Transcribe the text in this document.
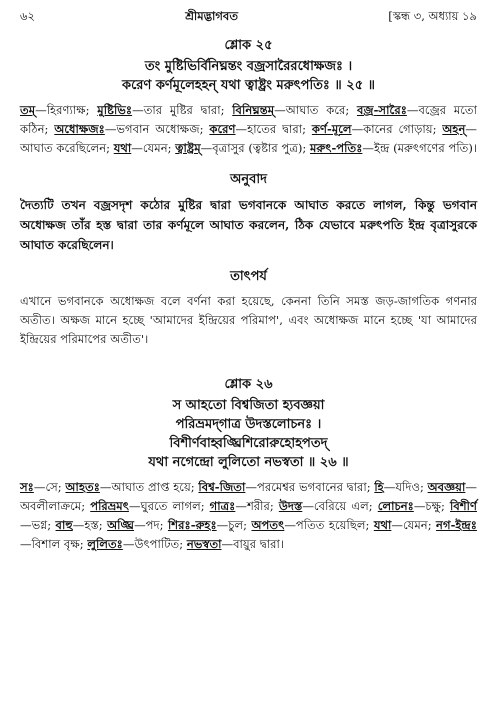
৬২	শ্রীমদ্ভাগবত	[স্কন্ধ ৩, অধ্যায় ১৯
শ্লোক ২৫
তং মুষ্টিভির্বিনিঘ্নন্তং বজ্রসারৈরধোক্ষজঃ ।
করেণ কর্ণমূলেহহন্‌ যথা ত্বাষ্ট্রং মরুৎপতিঃ ॥ ২৫ ॥
তম্‌—হিরণ্যাক্ষ; মুষ্টিভিঃ—তার মুষ্টির দ্বারা; বিনিঘ্নন্তম্‌—আঘাত করে; বজ্র-সারৈঃ—বজ্রের মতো কঠিন; অধোক্ষজঃ—ভগবান অধোক্ষজ; করেণ—হাতের দ্বারা; কর্ণ-মূলে—কানের গোড়ায়; অহন্‌—আঘাত করেছিলেন; যথা—যেমন; ত্বাষ্ট্রম্‌—বৃত্রাসুর (ত্বষ্টার পুত্র); মরুৎ-পতিঃ—ইন্দ্র (মরুৎগণের পতি)।
অনুবাদ
দৈত্যটি তখন বজ্রসদৃশ কঠোর মুষ্টির দ্বারা ভগবানকে আঘাত করতে লাগল, কিন্তু ভগবান অধোক্ষজ তাঁর হস্ত দ্বারা তার কর্ণমূলে আঘাত করলেন, ঠিক যেভাবে মরুৎপতি ইন্দ্র বৃত্রাসুরকে আঘাত করেছিলেন।
তাৎপর্য
এখানে ভগবানকে অধোক্ষজ বলে বর্ণনা করা হয়েছে, কেননা তিনি সমস্ত জড়-জাগতিক গণনার অতীত। অক্ষজ মানে হচ্ছে 'আমাদের ইন্দ্রিয়ের পরিমাপ', এবং অধোক্ষজ মানে হচ্ছে 'যা আমাদের ইন্দ্রিয়ের পরিমাপের অতীত'।
শ্লোক ২৬
স আহতো বিশ্বজিতা হ্যবজ্ঞয়া
পরিভ্রমদ্‌গাত্র উদস্তলোচনঃ ।
বিশীর্ণবাহ্বঙ্ঘ্রিশিরোরুহোহপতদ্‌
যথা নগেন্দ্রো লুলিতো নভস্বতা ॥ ২৬ ॥
সঃ—সে; আহতঃ—আঘাত প্রাপ্ত হয়ে; বিশ্ব-জিতা—পরমেশ্বর ভগবানের দ্বারা; হি—যদিও; অবজ্ঞয়া—অবলীলাক্রমে; পরিভ্রমৎ—ঘুরতে লাগল; গাত্রঃ—শরীর; উদস্ত—বেরিয়ে এল; লোচনঃ—চক্ষু; বিশীর্ণ—ভগ্ন; বাহু—হস্ত; অঙ্ঘ্রি—পদ; শিরঃ-রুহঃ—চুল; অপতৎ—পতিত হয়েছিল; যথা—যেমন; নগ-ইন্দ্রঃ—বিশাল বৃক্ষ; লুলিতঃ—উৎপাটিত; নভস্বতা—বায়ুর দ্বারা।
